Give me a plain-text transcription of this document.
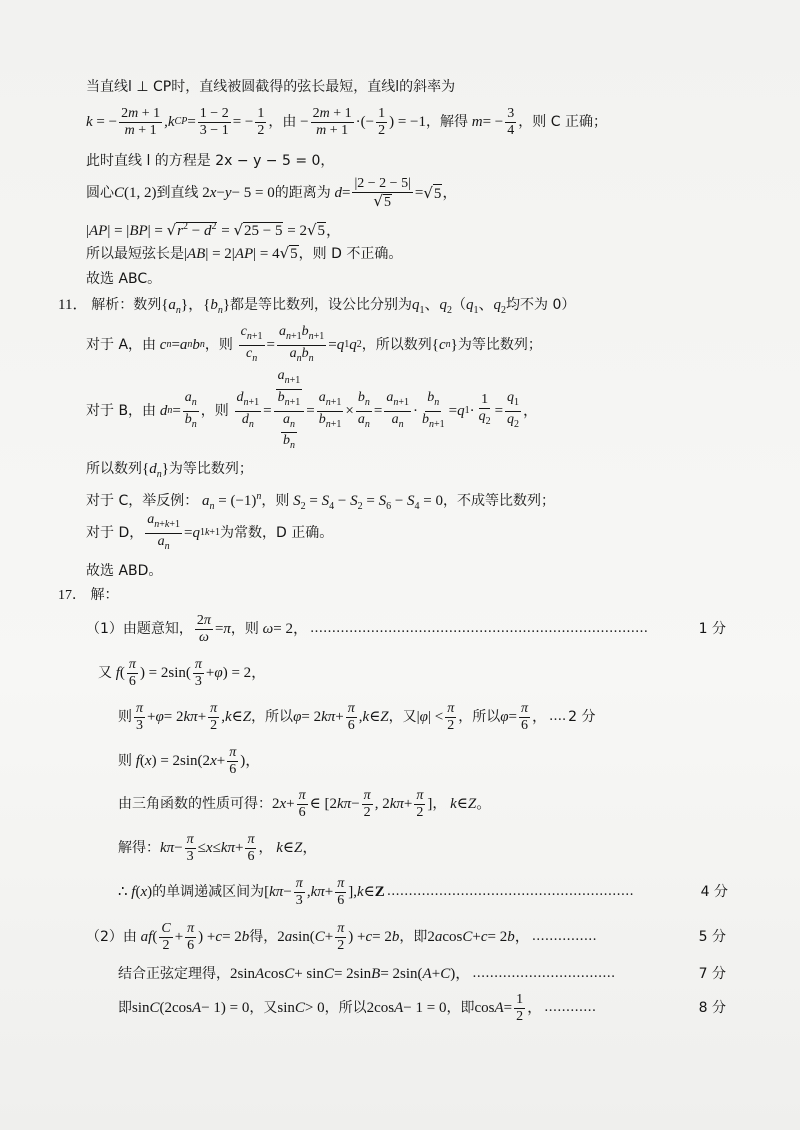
当直线l ⊥ CP时，直线被圆截得的弦长最短，直线l的斜率为
k = − $\frac{2m + 1}{m + 1}$ , k CP = $\frac{1 - 2}{3 - 1}$ = − $\frac{1}{2}$ ，由 − $\frac{2m + 1}{m + 1}$ ·(− $\frac{1}{2}$ ) = −1 ，解得
m = − $\frac{3}{4}$ ，则 C 正确；
此时直线 l 的方程是 2x − y − 5 = 0，
圆心 C (1, 2) 到直线 2 x − y − 5 = 0 的距离为
$d = \frac{|2 - 2 - 5|}{√5}$ = √ 5 ，
$|AP| = |BP| = √r^2 - d^2 = √25 - 5 = 2√5$，
所以最短弦长是|AB| = 2|AP| = 4√5，则 D 不正确。
故选 ABC。
11． 解析：数列$\{a_n\}$，$\{b_n\}$都是等比数列，设公比分别为$q_1$、$q_2(q_1$、$q_2$均不为 0）
对于 A，由
c n = a n b n ，则
$\frac{c_{n+1}}{c_n} = \frac{a_{n+1}b_{n+1}}{a_nb_n} = q$ 1 q 2 ，所以数列 { c n } 为等比数列；
对于 B，由
d $n = \frac{a_n}{b_n}$ ，则
$\frac{d_{n+1}}{d_n} = \frac{\frac{a_{n+1}}{b_{n+1}}}{\frac{a_n}{b_n}} = \frac{a_{n+1}}{b_{n+1}} \times \frac{b_n}{a_n} = \frac{a_{n+1}}{a_n} \cdot \frac{b_n}{b_{n+1}} = q$ $1 \cdot \frac{1}{q_2} = \frac{q_1}{q_2}$ ，
所以数列$\{d_n\}$为等比数列；
对于 C，举反例： $a_n = (-1)^n$，则 $S_2 = S_4 - S_2 = S_6 - S_4 = 0$，不成等比数列；
对于 D， $\frac{a_{n+k+1}}{a_n} = q$ 1 k+1 为常数，D 正确。
故选 ABD。
17． 解：
（1） 由题意知， $\frac{2\pi}{\omega} = \pi$ ，则
ω = 2， ……………………………………………………………………	1 分
又
f ( $\frac{\pi}{6}$ ) = $2\sin( \frac{\pi}{3} + \varphi$ ) = 2，
则 $\frac{\pi}{3} + \varphi = 2$ $k\pi + \frac{\pi}{2}$ , k ∈ Z ，所以 φ = 2 $k\pi + \frac{\pi}{6}$ , k ∈ Z ，又 | φ | < $\frac{\pi}{2}$ ，所以 $\varphi = \frac{\pi}{6}$ ， …. 2 分
则
f ( x ) = 2sin(2 $x + \frac{\pi}{6}$ )，
由三角函数的性质可得： 2 $x + \frac{\pi}{6}$ ∈ [2 $k\pi - \frac{\pi}{2}$ , 2 $k\pi + \frac{\pi}{2}$ ] ，
k ∈ Z 。
解得： $k\pi - \frac{\pi}{3} \le x \le k\pi + \frac{\pi}{6}$ ，
k ∈ Z ，
∴ f ( x ) 的单调递减区间为 [ $k\pi - \frac{\pi}{3}$ , $k\pi + \frac{\pi}{6}$ ], k ∈ Z …………………………………………………	4 分
（2） 由
af ( $\frac{C}{2} + \frac{\pi}{6}$ ) + c = 2 b 得， 2 a sin( $C + \frac{\pi}{2}$ ) + c = 2 b ，即 2 a cos C + c = 2 b ， ……………	5 分
结合正弦定理得， 2sin A cos C + sin C = 2sin B = 2sin( A + C )， ……………………………	7 分
即 sin C (2cos A − 1) = 0 ，又 sin C > 0 ，所以 2cos A − 1 = 0 ，即 $\cos A = \frac{1}{2}$ ， …………	8 分
